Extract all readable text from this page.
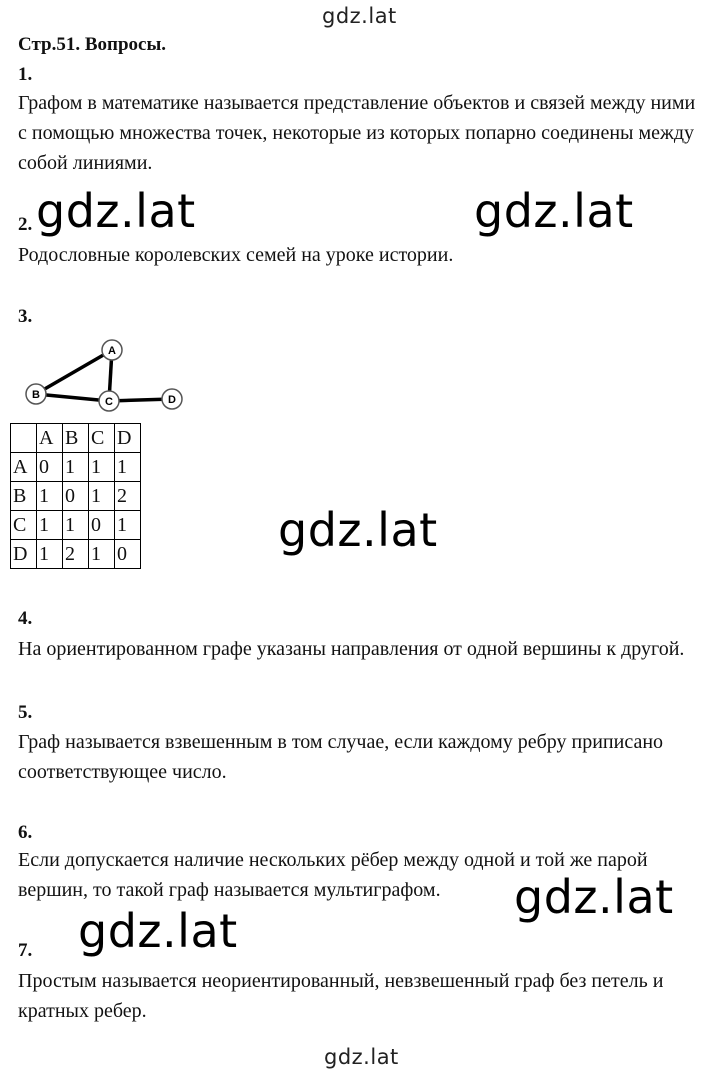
gdz.lat
Стр.51. Вопросы.
1.
Графом в математике называется представление объектов и связей между ними
с помощью множества точек, некоторые из которых попарно соединены между
собой линиями.
2. gdz.lat	gdz.lat
Родословные королевских семей на уроке истории.
3.
A
B
C	D
	A	B	C	D
A	0	1	1	1
B	1	0	1	2
C	1	1	0	1
D	1	2	1	0	gdz.lat
4.
На ориентированном графе указаны направления от одной вершины к другой.
5.
Граф называется взвешенным в том случае, если каждому ребру приписано
соответствующее число.
6.
Если допускается наличие нескольких рёбер между одной и той же парой
вершин, то такой граф называется мультиграфом.	gdz.lat
7. gdz.lat
Простым называется неориентированный, невзвешенный граф без петель и
кратных ребер.
gdz.lat
